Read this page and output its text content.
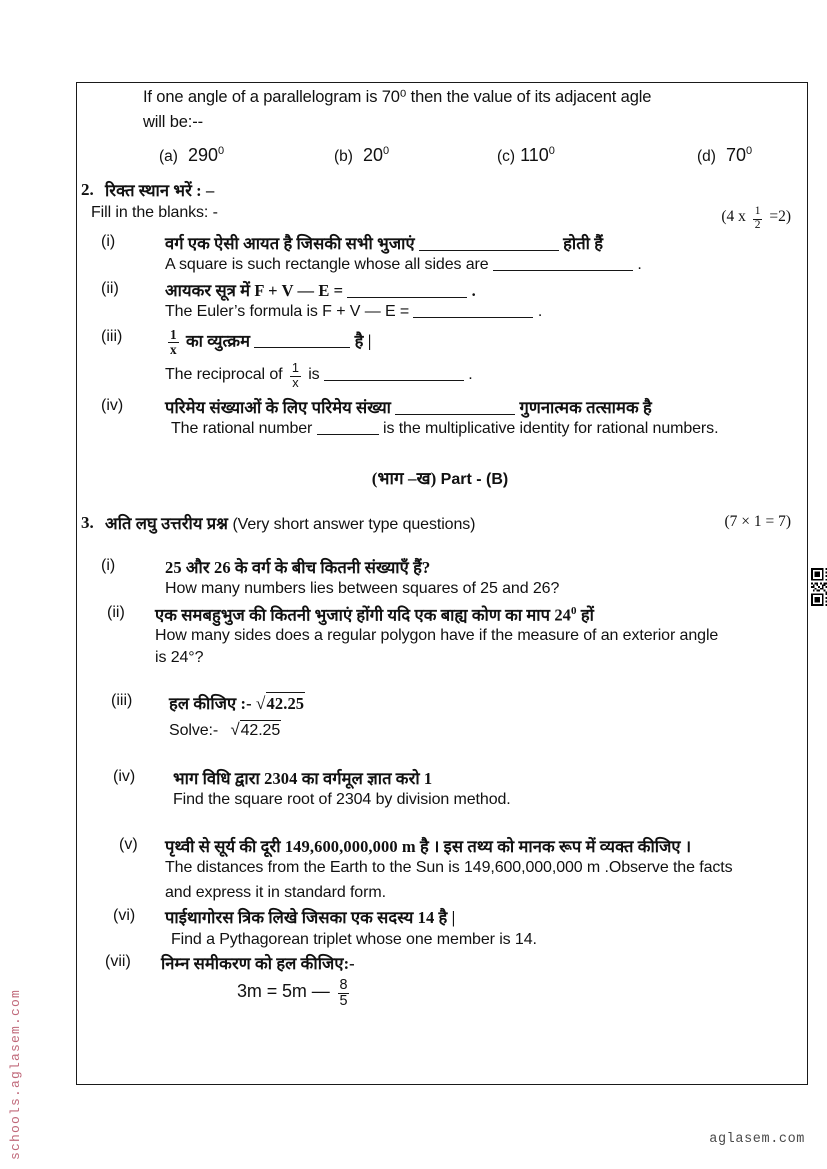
schools.aglasem.com	aglasem.com
If one angle of a parallelogram is 70⁰ then the value of its adjacent agle
will be:--
(a) $290^0$	(b) $20^0$	(c) $110^0$	(d) $70^0$
2. रिक्त स्थान भरें : –
Fill in the blanks: -	(4 x $\frac{1}{2} =2$)
(i)	वर्ग एक ऐसी आयत है जिसकी सभी भुजाएं	होती हैं
A square is such rectangle whose all sides are	.
(ii)	आयकर सूत्र में F + V — E =	.
The Euler’s formula is F + V — E =	.
(iii)	$\frac{1}{x}$ का व्युत्क्रम	है |
The reciprocal of $\frac{1}{x}$ is	.
(iv)	परिमेय संख्याओं के लिए परिमेय संख्या	गुणनात्मक तत्सामक है
The rational number	is the multiplicative identity for rational numbers.
(भाग –ख) Part - (B)
3. अति लघु उत्तरीय प्रश्न (Very short answer type questions)	(7 × 1 = 7)
(i)	25 और 26 के वर्ग के बीच कितनी संख्याएँ हैं?
How many numbers lies between squares of 25 and 26?
(ii)	एक समबहुभुज की कितनी भुजाएं होंगी यदि एक बाह्य कोण का माप $24^0$ हों
How many sides does a regular polygon have if the measure of an exterior angle
is 24°?
(iii)	हल कीजिए :- √42.25
Solve:- √42.25
(iv)	भाग विधि द्वारा 2304 का वर्गमूल ज्ञात करो 1
Find the square root of 2304 by division method.
(v)	पृथ्वी से सूर्य की दूरी 149,600,000,000 m है । इस तथ्य को मानक रूप में व्यक्त कीजिए ।
The distances from the Earth to the Sun is 149,600,000,000 m .Observe the facts
and express it in standard form.
(vi)	पाईथागोरस त्रिक लिखे जिसका एक सदस्य 14 है |
Find a Pythagorean triplet whose one member is 14.
(vii)	निम्न समीकरण को हल कीजिए:-
3m = 5m — $\frac{8}{5}$
